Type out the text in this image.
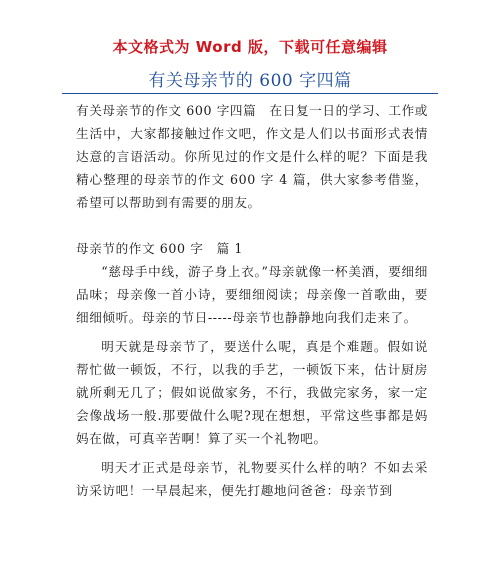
本文格式为 Word 版，下载可任意编辑
有关母亲节的 600 字四篇

有关母亲节的作文 600 字四篇　在日复一日的学习、工作或生活中，大家都接触过作文吧，作文是人们以书面形式表情达意的言语活动。你所见过的作文是什么样的呢？下面是我精心整理的母亲节的作文 600 字 4 篇，供大家参考借鉴，希望可以帮助到有需要的朋友。

母亲节的作文 600 字　篇 1

“慈母手中线，游子身上衣。”母亲就像一杯美酒，要细细品味；母亲像一首小诗，要细细阅读；母亲像一首歌曲，要细细倾听。母亲的节日-----母亲节也静静地向我们走来了。

明天就是母亲节了，要送什么呢，真是个难题。假如说帮忙做一顿饭，不行，以我的手艺，一顿饭下来，估计厨房就所剩无几了；假如说做家务，不行，我做完家务，家一定会像战场一般.那要做什么呢?现在想想，平常这些事都是妈妈在做，可真辛苦啊！算了买一个礼物吧。

明天才正式是母亲节，礼物要买什么样的呐？不如去采访采访吧！一早晨起来，便先打趣地问爸爸：母亲节到
